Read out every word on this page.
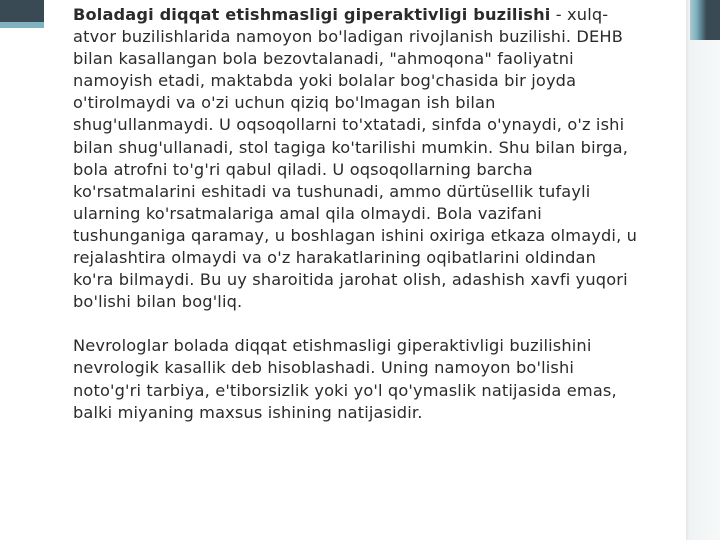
Boladagi diqqat etishmasligi giperaktivligi buzilishi - xulq-atvor buzilishlarida namoyon bo'ladigan rivojlanish buzilishi. DEHB bilan kasallangan bola bezovtalanadi, "ahmoqona" faoliyatni namoyish etadi, maktabda yoki bolalar bog'chasida bir joyda o'tirolmaydi va o'zi uchun qiziq bo'lmagan ish bilan shug'ullanmaydi. U oqsoqollarni to'xtatadi, sinfda o'ynaydi, o'z ishi bilan shug'ullanadi, stol tagiga ko'tarilishi mumkin. Shu bilan birga, bola atrofni to'g'ri qabul qiladi. U oqsoqollarning barcha ko'rsatmalarini eshitadi va tushunadi, ammo dürtüsellik tufayli ularning ko'rsatmalariga amal qila olmaydi. Bola vazifani tushunganiga qaramay, u boshlagan ishini oxiriga etkaza olmaydi, u rejalashtira olmaydi va o'z harakatlarining oqibatlarini oldindan ko'ra bilmaydi. Bu uy sharoitida jarohat olish, adashish xavfi yuqori bo'lishi bilan bog'liq.

Nevrologlar bolada diqqat etishmasligi giperaktivligi buzilishini nevrologik kasallik deb hisoblashadi. Uning namoyon bo'lishi noto'g'ri tarbiya, e'tiborsizlik yoki yo'l qo'ymaslik natijasida emas, balki miyaning maxsus ishining natijasidir.
